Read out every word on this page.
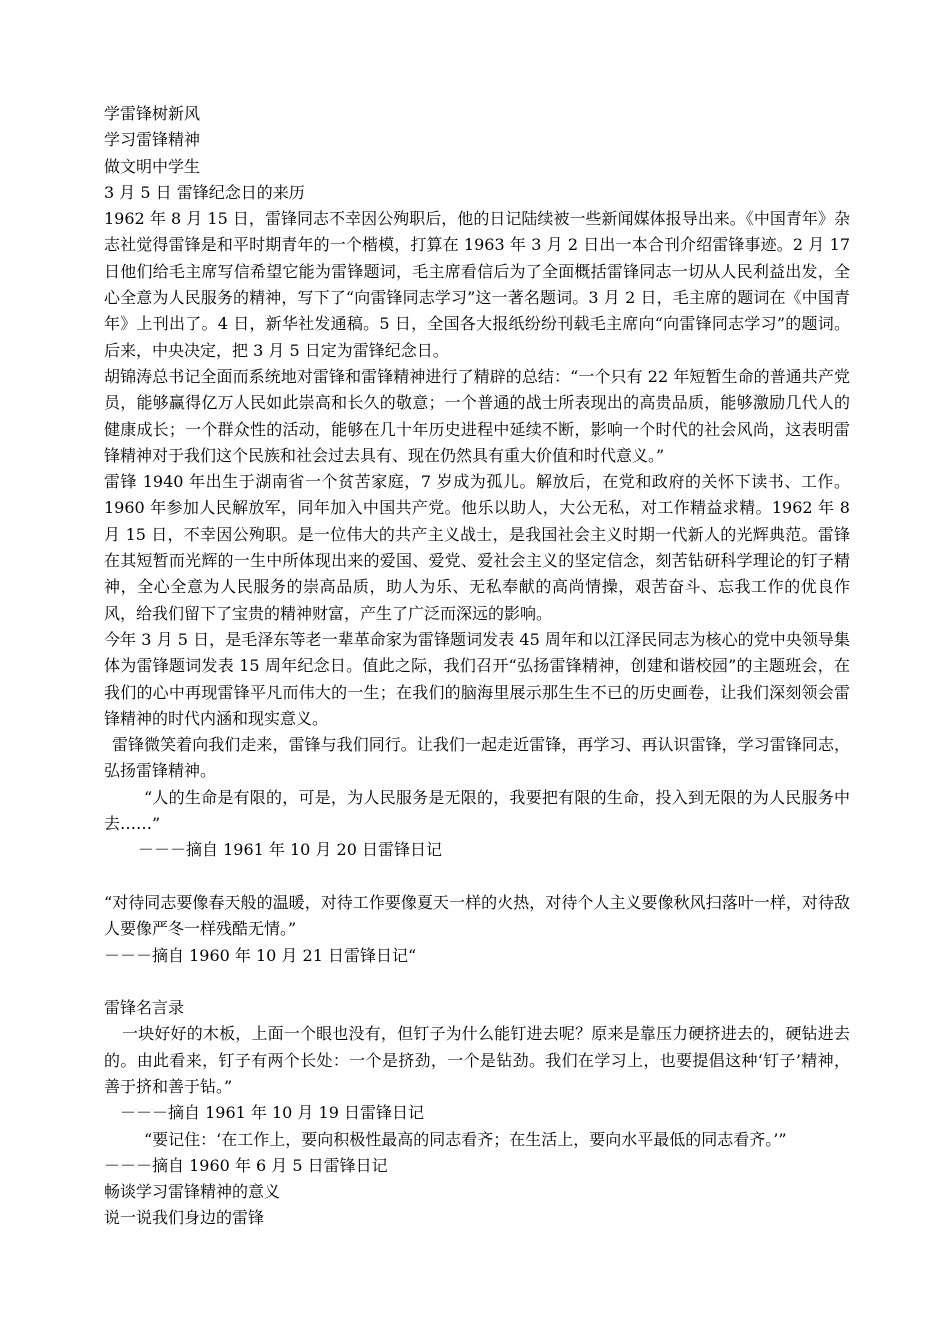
学雷锋树新风

学习雷锋精神

做文明中学生

3 月 5 日 雷锋纪念日的来历

1962 年 8 月 15 日，雷锋同志不幸因公殉职后，他的日记陆续被一些新闻媒体报导出来。《中国青年》杂志社觉得雷锋是和平时期青年的一个楷模，打算在 1963 年 3 月 2 日出一本合刊介绍雷锋事迹。2 月 17 日他们给毛主席写信希望它能为雷锋题词，毛主席看信后为了全面概括雷锋同志一切从人民利益出发，全心全意为人民服务的精神，写下了“向雷锋同志学习”这一著名题词。3 月 2 日，毛主席的题词在《中国青年》上刊出了。4 日，新华社发通稿。5 日，全国各大报纸纷纷刊载毛主席向“向雷锋同志学习”的题词。后来，中央决定，把 3 月 5 日定为雷锋纪念日。

胡锦涛总书记全面而系统地对雷锋和雷锋精神进行了精辟的总结：“一个只有 22 年短暂生命的普通共产党员，能够赢得亿万人民如此崇高和长久的敬意；一个普通的战士所表现出的高贵品质，能够激励几代人的健康成长；一个群众性的活动，能够在几十年历史进程中延续不断，影响一个时代的社会风尚，这表明雷锋精神对于我们这个民族和社会过去具有、现在仍然具有重大价值和时代意义。”

雷锋 1940 年出生于湖南省一个贫苦家庭，7 岁成为孤儿。解放后，在党和政府的关怀下读书、工作。1960 年参加人民解放军，同年加入中国共产党。他乐以助人，大公无私，对工作精益求精。1962 年 8 月 15 日，不幸因公殉职。是一位伟大的共产主义战士，是我国社会主义时期一代新人的光辉典范。雷锋在其短暂而光辉的一生中所体现出来的爱国、爱党、爱社会主义的坚定信念，刻苦钻研科学理论的钉子精神，全心全意为人民服务的崇高品质，助人为乐、无私奉献的高尚情操，艰苦奋斗、忘我工作的优良作风，给我们留下了宝贵的精神财富，产生了广泛而深远的影响。

今年 3 月 5 日，是毛泽东等老一辈革命家为雷锋题词发表 45 周年和以江泽民同志为核心的党中央领导集体为雷锋题词发表 15 周年纪念日。值此之际，我们召开“弘扬雷锋精神，创建和谐校园”的主题班会，在我们的心中再现雷锋平凡而伟大的一生；在我们的脑海里展示那生生不已的历史画卷，让我们深刻领会雷锋精神的时代内涵和现实意义。

雷锋微笑着向我们走来，雷锋与我们同行。让我们一起走近雷锋，再学习、再认识雷锋，学习雷锋同志，弘扬雷锋精神。

“人的生命是有限的，可是，为人民服务是无限的，我要把有限的生命，投入到无限的为人民服务中去……”

－－－摘自 1961 年 10 月 20 日雷锋日记

“对待同志要像春天般的温暖，对待工作要像夏天一样的火热，对待个人主义要像秋风扫落叶一样，对待敌人要像严冬一样残酷无情。”

－－－摘自 1960 年 10 月 21 日雷锋日记“

雷锋名言录

一块好好的木板，上面一个眼也没有，但钉子为什么能钉进去呢？原来是靠压力硬挤进去的，硬钻进去的。由此看来，钉子有两个长处：一个是挤劲，一个是钻劲。我们在学习上，也要提倡这种‘钉子’精神，善于挤和善于钻。”

－－－摘自 1961 年 10 月 19 日雷锋日记

“要记住：‘在工作上，要向积极性最高的同志看齐；在生活上，要向水平最低的同志看齐。’”

－－－摘自 1960 年 6 月 5 日雷锋日记

畅谈学习雷锋精神的意义

说一说我们身边的雷锋
